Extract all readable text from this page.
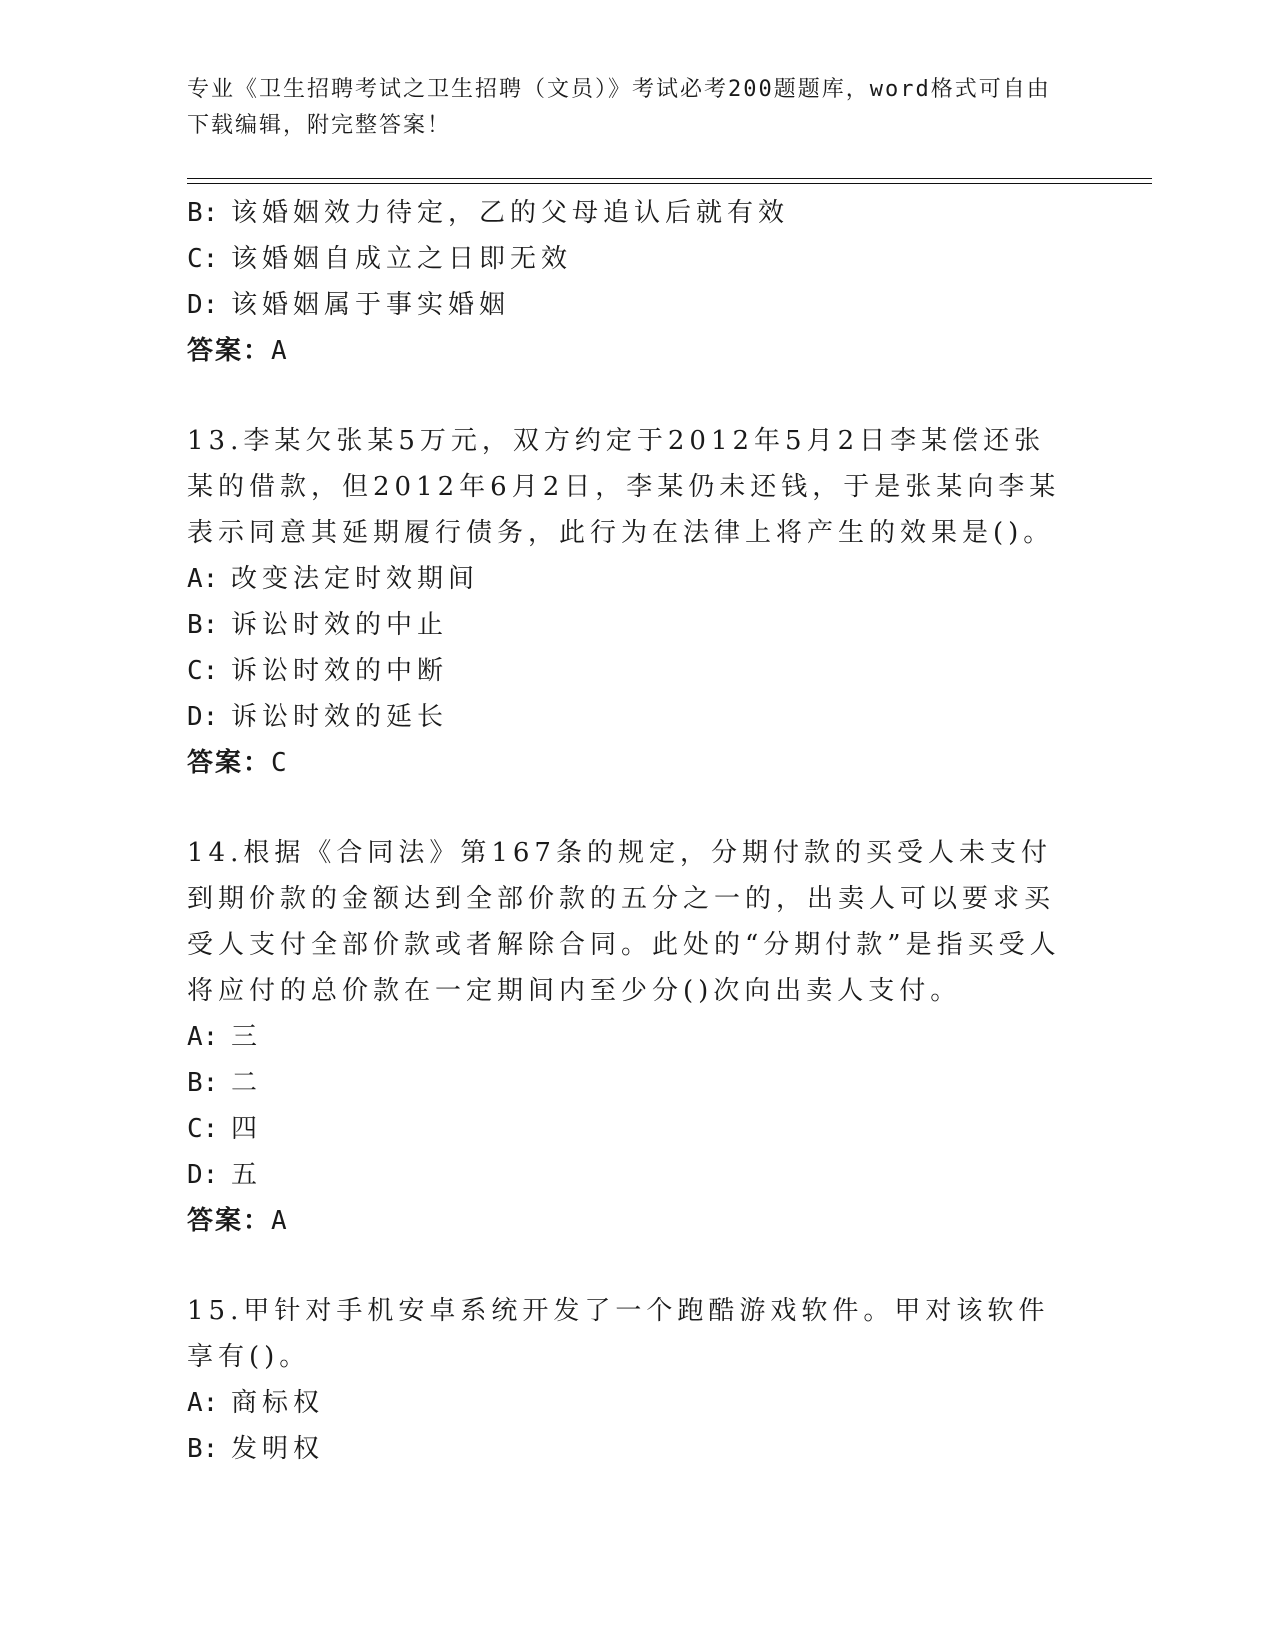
专业《卫生招聘考试之卫生招聘（文员）》考试必考200题题库，word格式可自由下载编辑，附完整答案！
B: 该婚姻效力待定，乙的父母追认后就有效
C: 该婚姻自成立之日即无效
D: 该婚姻属于事实婚姻
答案：A
13.李某欠张某5万元，双方约定于2012年5月2日李某偿还张某的借款，但2012年6月2日，李某仍未还钱，于是张某向李某表示同意其延期履行债务，此行为在法律上将产生的效果是()。
A: 改变法定时效期间
B: 诉讼时效的中止
C: 诉讼时效的中断
D: 诉讼时效的延长
答案：C
14.根据《合同法》第167条的规定，分期付款的买受人未支付到期价款的金额达到全部价款的五分之一的，出卖人可以要求买受人支付全部价款或者解除合同。此处的“分期付款”是指买受人将应付的总价款在一定期间内至少分()次向出卖人支付。
A: 三
B: 二
C: 四
D: 五
答案：A
15.甲针对手机安卓系统开发了一个跑酷游戏软件。甲对该软件享有()。
A: 商标权
B: 发明权
